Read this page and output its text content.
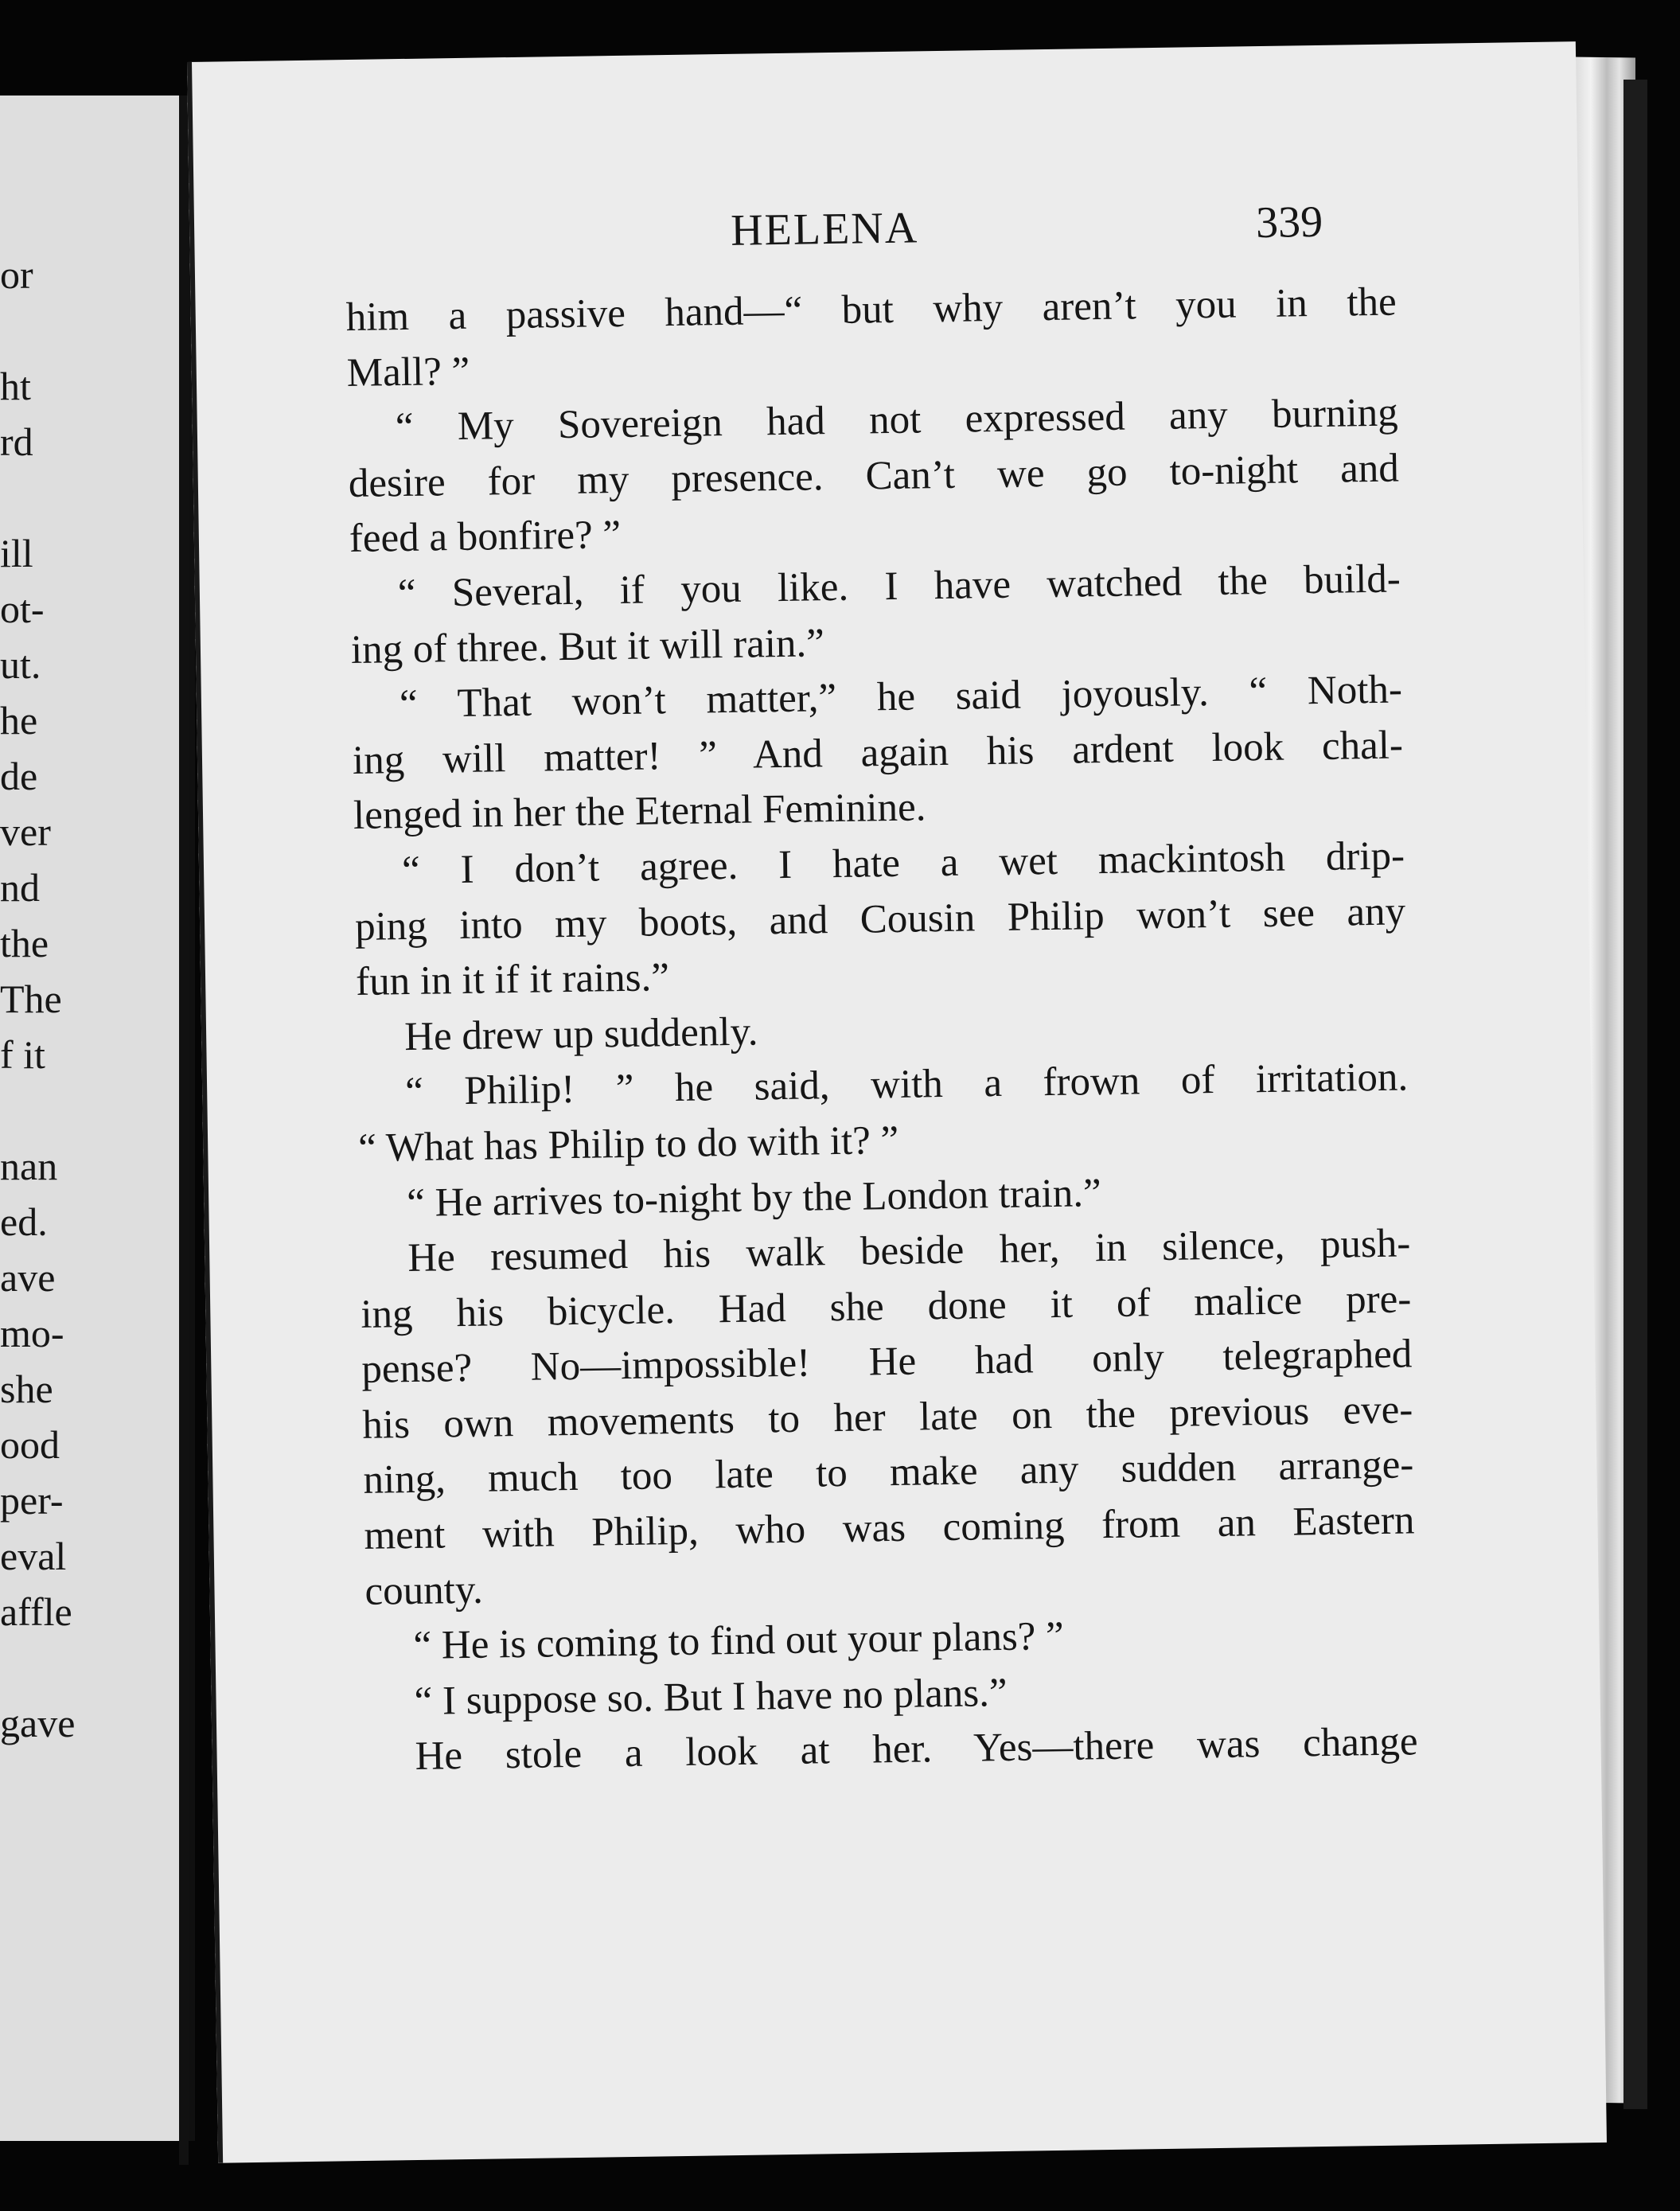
or
ht
rd
ill
ot-
ut.
he
de
ver
nd
the
The
f it
nan
ed.
ave
mo-
she
ood
per-
eval
affle
gave
HELENA	339
him a passive hand—“ but why aren’t you in the
Mall? ”
“ My Sovereign had not expressed any burning
desire for my presence. Can’t we go to-night and
feed a bonfire? ”
“ Several, if you like. I have watched the build-
ing of three. But it will rain.”
“ That won’t matter,” he said joyously. “ Noth-
ing will matter! ” And again his ardent look chal-
lenged in her the Eternal Feminine.
“ I don’t agree. I hate a wet mackintosh drip-
ping into my boots, and Cousin Philip won’t see any
fun in it if it rains.”
He drew up suddenly.
“ Philip! ” he said, with a frown of irritation.
“ What has Philip to do with it? ”
“ He arrives to-night by the London train.”
He resumed his walk beside her, in silence, push-
ing his bicycle. Had she done it of malice pre-
pense? No—impossible! He had only telegraphed
his own movements to her late on the previous eve-
ning, much too late to make any sudden arrange-
ment with Philip, who was coming from an Eastern
county.
“ He is coming to find out your plans? ”
“ I suppose so. But I have no plans.”
He stole a look at her. Yes—there was change
